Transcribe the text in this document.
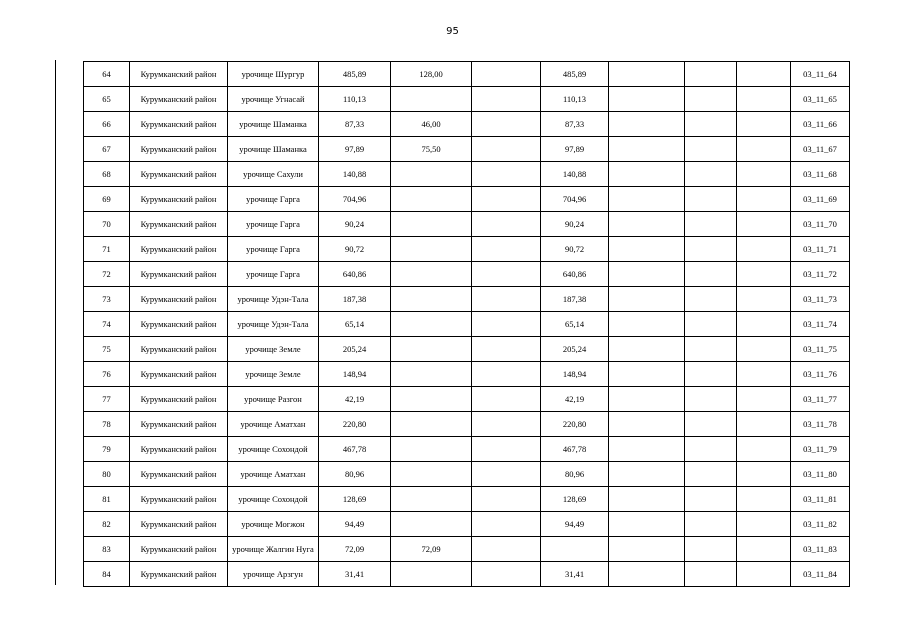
95
64	Курумканский район	урочище Шургур	485,89	128,00		485,89				03_11_64
65	Курумканский район	урочище Угнасай	110,13			110,13				03_11_65
66	Курумканский район	урочище Шаманка	87,33	46,00		87,33				03_11_66
67	Курумканский район	урочище Шаманка	97,89	75,50		97,89				03_11_67
68	Курумканский район	урочище Сахули	140,88			140,88				03_11_68
69	Курумканский район	урочище Гарга	704,96			704,96				03_11_69
70	Курумканский район	урочище Гарга	90,24			90,24				03_11_70
71	Курумканский район	урочище Гарга	90,72			90,72				03_11_71
72	Курумканский район	урочище Гарга	640,86			640,86				03_11_72
73	Курумканский район	урочище Удэн-Тала	187,38			187,38				03_11_73
74	Курумканский район	урочище Удэн-Тала	65,14			65,14				03_11_74
75	Курумканский район	урочище Земле	205,24			205,24				03_11_75
76	Курумканский район	урочище Земле	148,94			148,94				03_11_76
77	Курумканский район	урочище Разгон	42,19			42,19				03_11_77
78	Курумканский район	урочище Аматхан	220,80			220,80				03_11_78
79	Курумканский район	урочище Сохондой	467,78			467,78				03_11_79
80	Курумканский район	урочище Аматхан	80,96			80,96				03_11_80
81	Курумканский район	урочище Сохондой	128,69			128,69				03_11_81
82	Курумканский район	урочище Могжон	94,49			94,49				03_11_82
83	Курумканский район	урочище Жалгин Нуга	72,09	72,09						03_11_83
84	Курумканский район	урочище Арзгун	31,41			31,41				03_11_84
